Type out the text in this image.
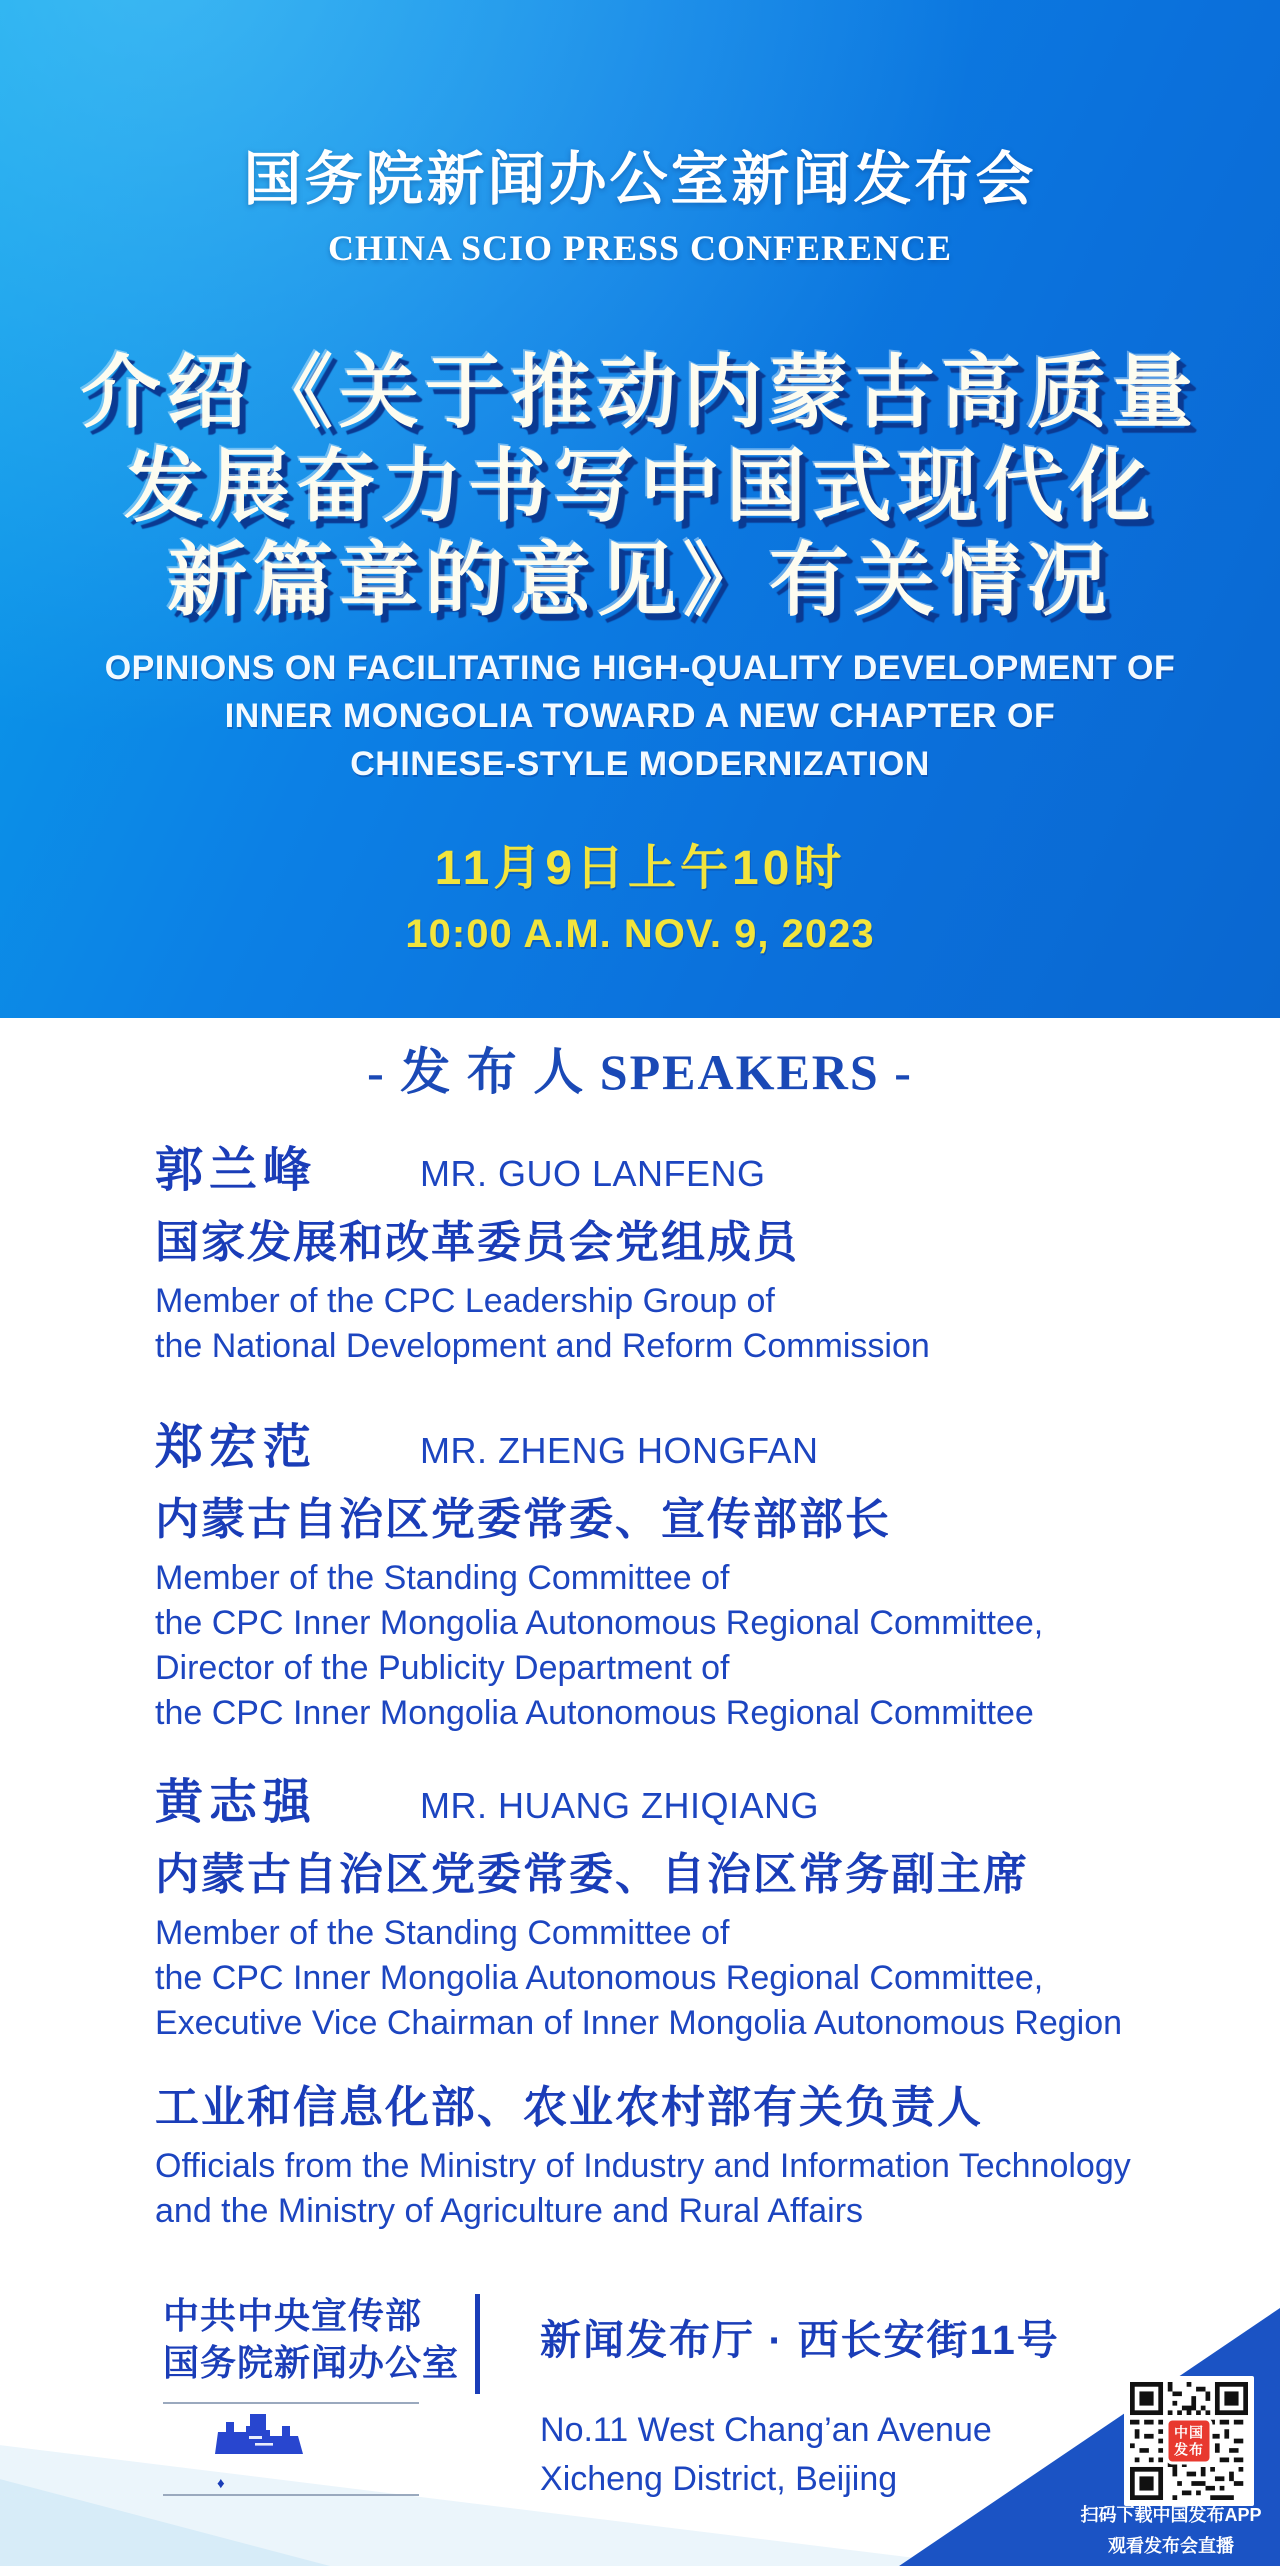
国务院新闻办公室新闻发布会
CHINA SCIO PRESS CONFERENCE
介绍《关于推动内蒙古高质量
发展奋力书写中国式现代化
新篇章的意见》有关情况
OPINIONS ON FACILITATING HIGH-QUALITY DEVELOPMENT OF
INNER MONGOLIA TOWARD A NEW CHAPTER OF
CHINESE-STYLE MODERNIZATION
11月9日上午10时
10:00 A.M. NOV. 9, 2023
- 发 布 人 SPEAKERS -
郭兰峰	MR. GUO LANFENG
国家发展和改革委员会党组成员
Member of the CPC Leadership Group of
the National Development and Reform Commission
郑宏范	MR. ZHENG HONGFAN
内蒙古自治区党委常委、宣传部部长
Member of the Standing Committee of
the CPC Inner Mongolia Autonomous Regional Committee,
Director of the Publicity Department of
the CPC Inner Mongolia Autonomous Regional Committee
黄志强	MR. HUANG ZHIQIANG
内蒙古自治区党委常委、自治区常务副主席
Member of the Standing Committee of
the CPC Inner Mongolia Autonomous Regional Committee,
Executive Vice Chairman of Inner Mongolia Autonomous Region
工业和信息化部、农业农村部有关负责人
Officials from the Ministry of Industry and Information Technology
and the Ministry of Agriculture and Rural Affairs
中共中央宣传部
国务院新闻办公室
♦
新闻发布厅 · 西长安街11号
No.11 West Chang’an Avenue
Xicheng District, Beijing
中国
发布
扫码下载中国发布APP
观看发布会直播
